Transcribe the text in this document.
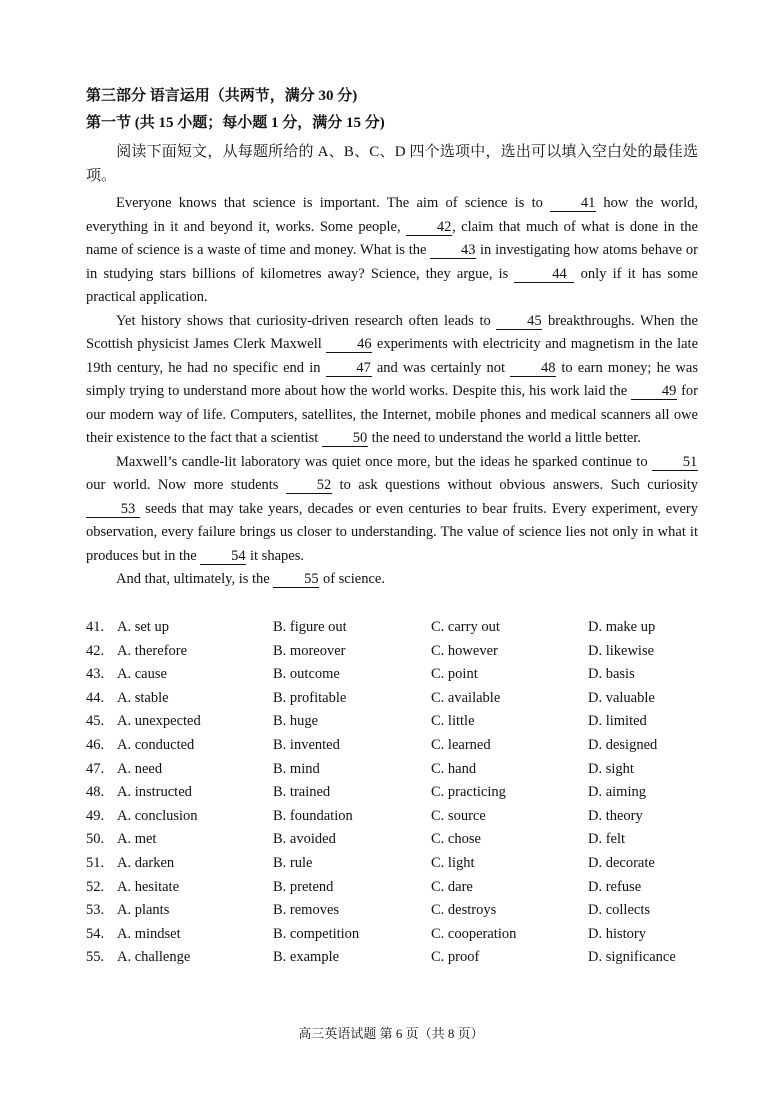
第三部分 语言运用（共两节，满分 30 分)
第一节 (共 15 小题；每小题 1 分，满分 15 分)
阅读下面短文，从每题所给的 A、B、C、D 四个选项中，选出可以填入空白处的最佳选项。

Everyone knows that science is important. The aim of science is to 41 how the world, everything in it and beyond it, works. Some people, 42, claim that much of what is done in the name of science is a waste of time and money. What is the 43 in investigating how atoms behave or in studying stars billions of kilometres away? Science, they argue, is	44 only if it has some practical application.

Yet history shows that curiosity-driven research often leads to 45 breakthroughs. When the Scottish physicist James Clerk Maxwell 46 experiments with electricity and magnetism in the late 19th century, he had no specific end in 47 and was certainly not 48 to earn money; he was simply trying to understand more about how the world works. Despite this, his work laid the 49 for our modern way of life. Computers, satellites, the Internet, mobile phones and medical scanners all owe their existence to the fact that a scientist 50 the need to understand the world a little better.

Maxwell’s candle-lit laboratory was quiet once more, but the ideas he sparked continue to 51 our world. Now more students 52 to ask questions without obvious answers. Such curiosity 53 seeds that may take years, decades or even centuries to bear fruits. Every experiment, every observation, every failure brings us closer to understanding. The value of science lies not only in what it produces but in the 54 it shapes.

And that, ultimately, is the 55 of science.

41. A. set up	B. figure out	C. carry out	D. make up
42. A. therefore	B. moreover	C. however	D. likewise
43. A. cause	B. outcome	C. point	D. basis
44. A. stable	B. profitable	C. available	D. valuable
45. A. unexpected	B. huge	C. little	D. limited
46. A. conducted	B. invented	C. learned	D. designed
47. A. need	B. mind	C. hand	D. sight
48. A. instructed	B. trained	C. practicing	D. aiming
49. A. conclusion	B. foundation	C. source	D. theory
50. A. met	B. avoided	C. chose	D. felt
51. A. darken	B. rule	C. light	D. decorate
52. A. hesitate	B. pretend	C. dare	D. refuse
53. A. plants	B. removes	C. destroys	D. collects
54. A. mindset	B. competition	C. cooperation	D. history
55. A. challenge	B. example	C. proof	D. significance
高三英语试题 第 6 页（共 8 页）
